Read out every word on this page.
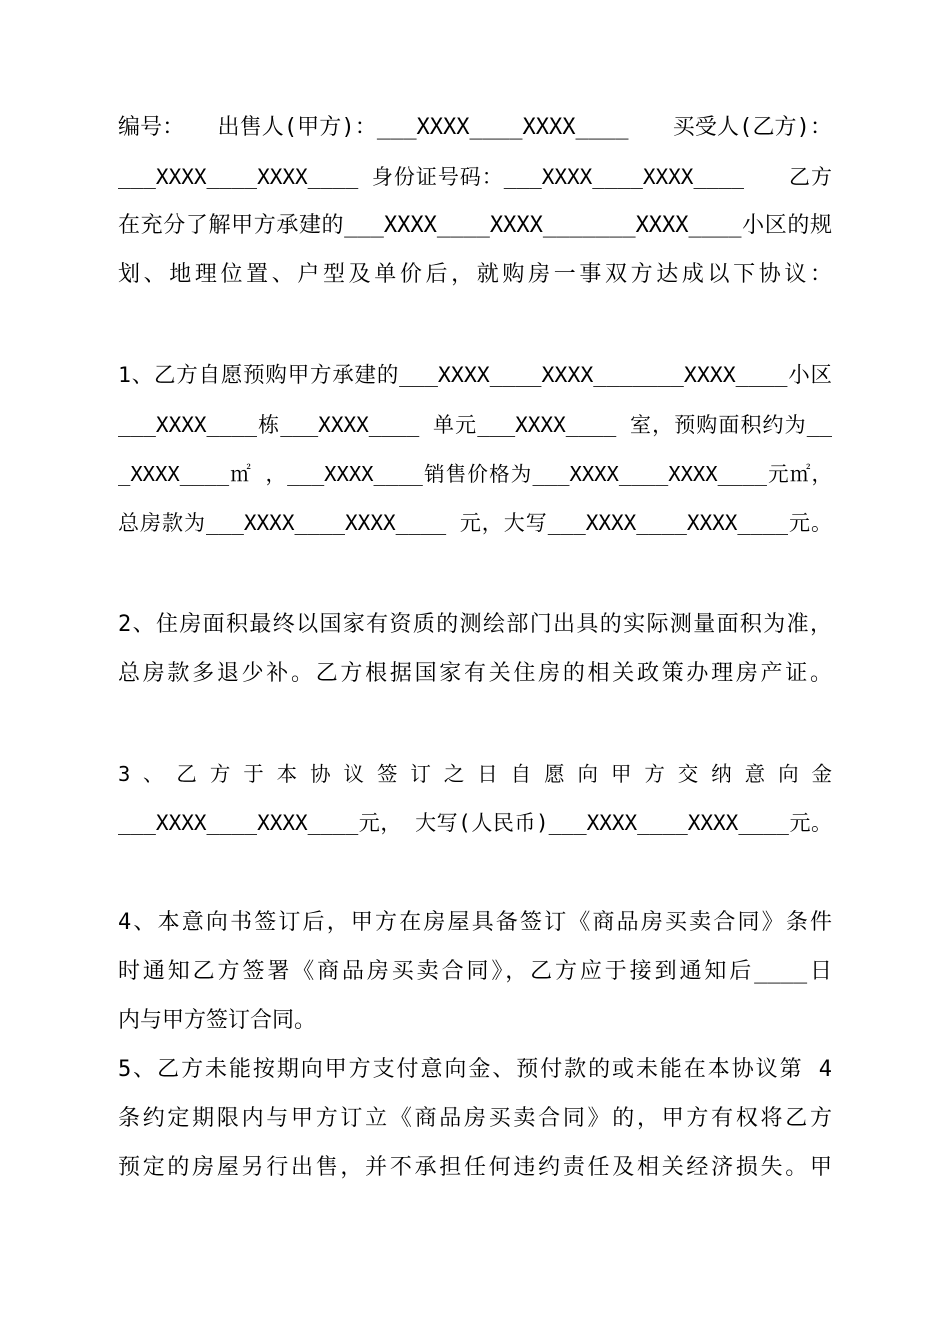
编号：　　出售人(甲方)：___XXXX____XXXX____　　买受人(乙方)：
___XXXX____XXXX____ 身份证号码：___XXXX____XXXX____　　乙方
在充分了解甲方承建的___XXXX____XXXX_______XXXX____小区的规
划、地理位置、户型及单价后，就购房一事双方达成以下协议：
1、乙方自愿预购甲方承建的___XXXX____XXXX_______XXXX____小区
___XXXX____栋___XXXX____ 单元___XXXX____ 室，预购面积约为__
_XXXX____㎡ ，___XXXX____销售价格为___XXXX____XXXX____元㎡，
总房款为___XXXX____XXXX____ 元，大写___XXXX____XXXX____元。
2、住房面积最终以国家有资质的测绘部门出具的实际测量面积为准，
总房款多退少补。乙方根据国家有关住房的相关政策办理房产证。
3 、 乙 方 于 本 协 议 签 订 之 日 自 愿 向 甲 方 交 纳 意 向 金
___XXXX____XXXX____元， 大写(人民币)___XXXX____XXXX____元。
4、本意向书签订后，甲方在房屋具备签订《商品房买卖合同》条件
时通知乙方签署《商品房买卖合同》，乙方应于接到通知后____日
内与甲方签订合同。
5、乙方未能按期向甲方支付意向金、预付款的或未能在本协议第 4
条约定期限内与甲方订立《商品房买卖合同》的，甲方有权将乙方
预定的房屋另行出售，并不承担任何违约责任及相关经济损失。甲
